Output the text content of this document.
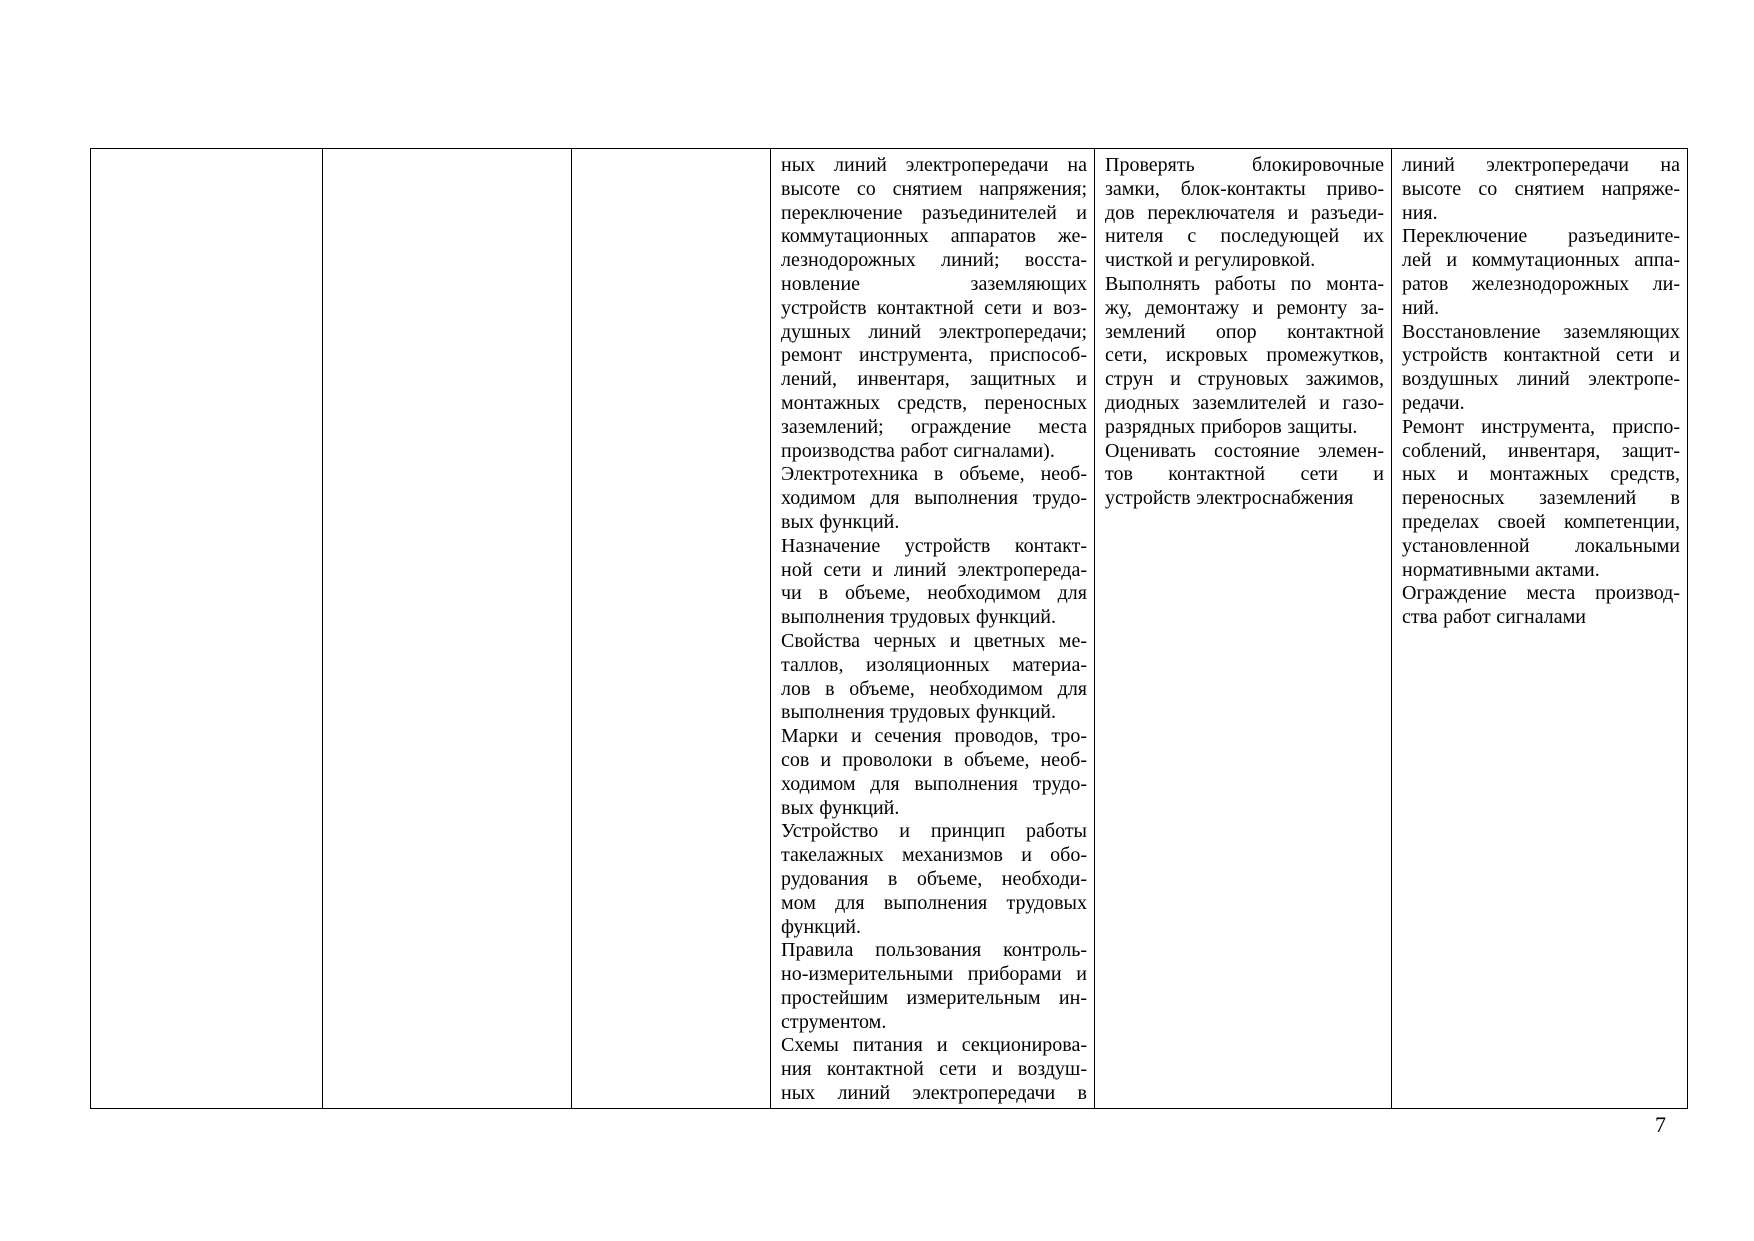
ных линий электропередачи на
высоте со снятием напряжения;
переключение разъединителей и
коммутационных аппаратов же-
лезнодорожных линий; восста-
новление заземляющих
устройств контактной сети и воз-
душных линий электропередачи;
ремонт инструмента, приспособ-
лений, инвентаря, защитных и
монтажных средств, переносных
заземлений; ограждение места
производства работ сигналами).
Электротехника в объеме, необ-
ходимом для выполнения трудо-
вых функций.
Назначение устройств контакт-
ной сети и линий электропереда-
чи в объеме, необходимом для
выполнения трудовых функций.
Свойства черных и цветных ме-
таллов, изоляционных материа-
лов в объеме, необходимом для
выполнения трудовых функций.
Марки и сечения проводов, тро-
сов и проволоки в объеме, необ-
ходимом для выполнения трудо-
вых функций.
Устройство и принцип работы
такелажных механизмов и обо-
рудования в объеме, необходи-
мом для выполнения трудовых
функций.
Правила пользования контроль-
но-измерительными приборами и
простейшим измерительным ин-
струментом.
Схемы питания и секционирова-
ния контактной сети и воздуш-
ных линий электропередачи в
Проверять блокировочные
замки, блок-контакты приво-
дов переключателя и разъеди-
нителя с последующей их
чисткой и регулировкой.
Выполнять работы по монта-
жу, демонтажу и ремонту за-
землений опор контактной
сети, искровых промежутков,
струн и струновых зажимов,
диодных заземлителей и газо-
разрядных приборов защиты.
Оценивать состояние элемен-
тов контактной сети и
устройств электроснабжения
линий электропередачи на
высоте со снятием напряже-
ния.
Переключение разъедините-
лей и коммутационных аппа-
ратов железнодорожных ли-
ний.
Восстановление заземляющих
устройств контактной сети и
воздушных линий электропе-
редачи.
Ремонт инструмента, приспо-
соблений, инвентаря, защит-
ных и монтажных средств,
переносных заземлений в
пределах своей компетенции,
установленной локальными
нормативными актами.
Ограждение места производ-
ства работ сигналами
7
